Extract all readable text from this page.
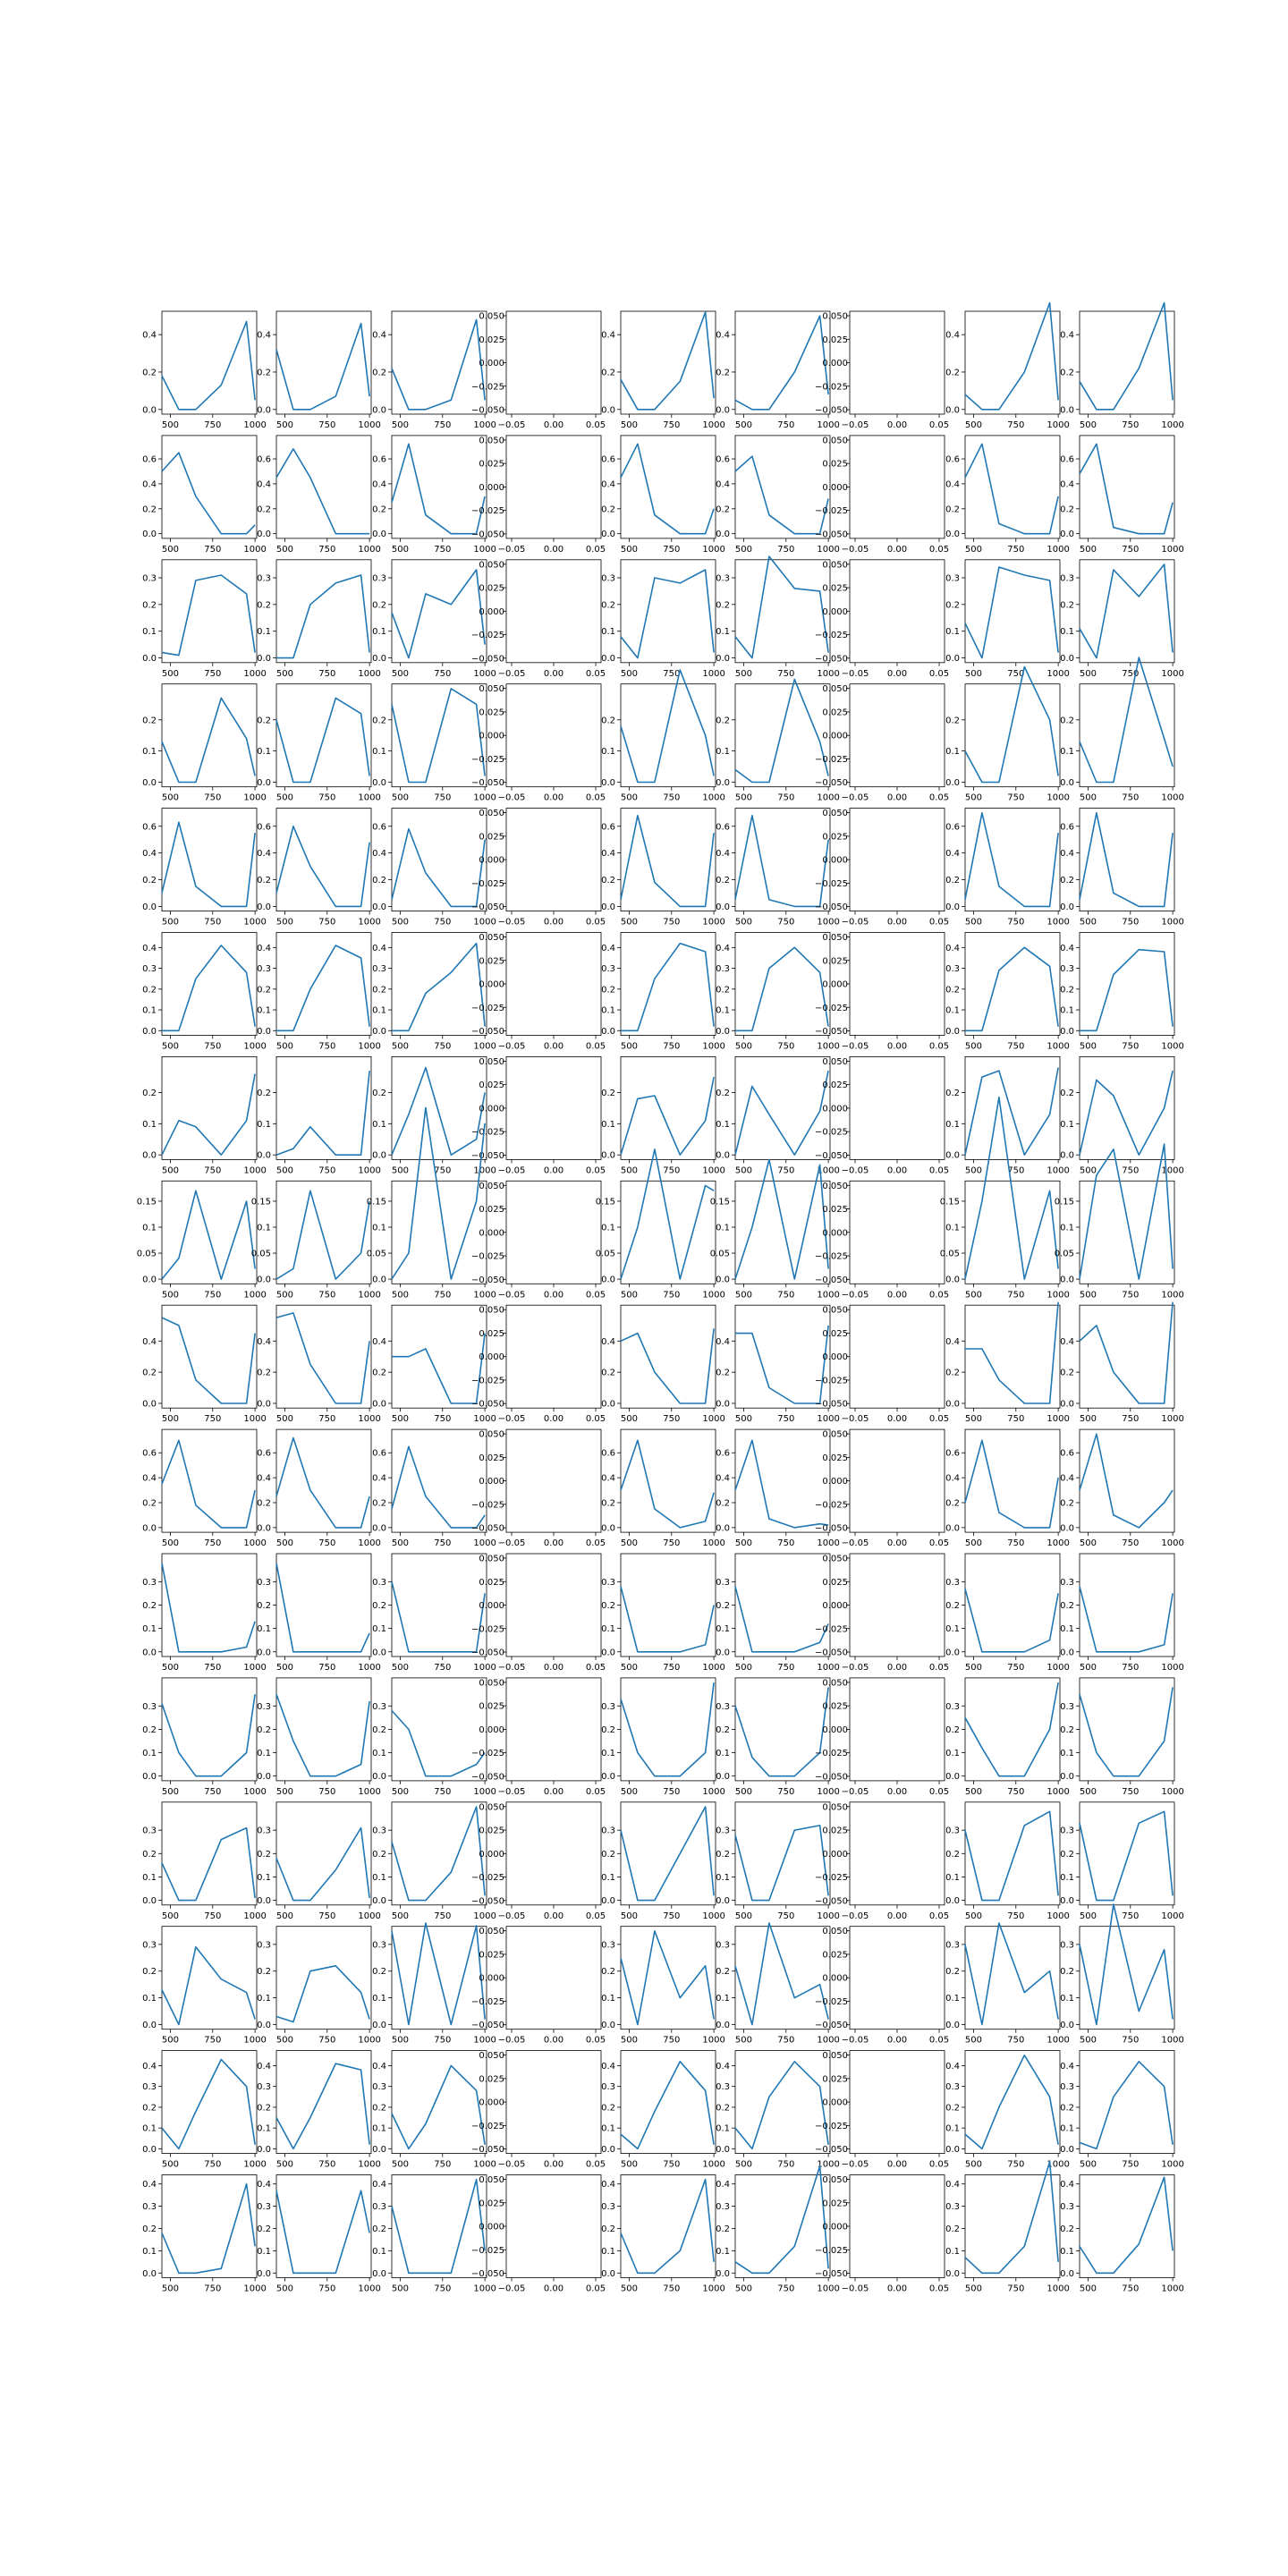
500	750	1000
0.0
0.2
0.4
500	750	1000
0.0
0.2
0.4
500	750	1000
0.0
0.2
0.4
−0.05 0.00 0.05
0.050
0.025
0.000
−0.025
−0.050
500	750	1000
0.0
0.2
0.4
500	750	1000
0.0
0.2
0.4
−0.05 0.00 0.05
0.050
0.025
0.000
−0.025
−0.050
500	750	1000
0.0
0.2
0.4
500	750	1000
0.0
0.2
0.4
500	750	1000
0.0
0.2
0.4
0.6
500	750	1000
0.0
0.2
0.4
0.6
500	750	1000
0.0
0.2
0.4
0.6
−0.05 0.00 0.05
0.050
0.025
0.000
−0.025
−0.050
500	750	1000
0.0
0.2
0.4
0.6
500	750	1000
0.0
0.2
0.4
0.6
−0.05 0.00 0.05
0.050
0.025
0.000
−0.025
−0.050
500	750	1000
0.0
0.2
0.4
0.6
500	750	1000
0.0
0.2
0.4
0.6
500	750	1000
0.0
0.1
0.2
0.3
500	750	1000
0.0
0.1
0.2
0.3
500	750	1000
0.0
0.1
0.2
0.3
−0.05 0.00 0.05
0.050
0.025
0.000
−0.025
−0.050
500	750	1000
0.0
0.1
0.2
0.3
500	750	1000
0.0
0.1
0.2
0.3
−0.05 0.00 0.05
0.050
0.025
0.000
−0.025
−0.050
500	750	1000
0.0
0.1
0.2
0.3
500	750	1000
0.0
0.1
0.2
0.3
500	750	1000
0.0
0.1
0.2
500	750	1000
0.0
0.1
0.2
500	750	1000
0.0
0.1
0.2
−0.05 0.00 0.05
0.050
0.025
0.000
−0.025
−0.050
500	750	1000
0.0
0.1
0.2
500	750	1000
0.0
0.1
0.2
−0.05 0.00 0.05
0.050
0.025
0.000
−0.025
−0.050
500	750	1000
0.0
0.1
0.2
500	750	1000
0.0
0.1
0.2
500	750	1000
0.0
0.2
0.4
0.6
500	750	1000
0.0
0.2
0.4
0.6
500	750	1000
0.0
0.2
0.4
0.6
−0.05 0.00 0.05
0.050
0.025
0.000
−0.025
−0.050
500	750	1000
0.0
0.2
0.4
0.6
500	750	1000
0.0
0.2
0.4
0.6
−0.05 0.00 0.05
0.050
0.025
0.000
−0.025
−0.050
500	750	1000
0.0
0.2
0.4
0.6
500	750	1000
0.0
0.2
0.4
0.6
500	750	1000
0.0
0.1
0.2
0.3
0.4
500	750	1000
0.0
0.1
0.2
0.3
0.4
500	750	1000
0.0
0.1
0.2
0.3
0.4
−0.05 0.00 0.05
0.050
0.025
0.000
−0.025
−0.050
500	750	1000
0.0
0.1
0.2
0.3
0.4
500	750	1000
0.0
0.1
0.2
0.3
0.4
−0.05 0.00 0.05
0.050
0.025
0.000
−0.025
−0.050
500	750	1000
0.0
0.1
0.2
0.3
0.4
500	750	1000
0.0
0.1
0.2
0.3
0.4
500	750	1000
0.0
0.1
0.2
500	750	1000
0.0
0.1
0.2
500	750	1000
0.0
0.1
0.2
−0.05 0.00 0.05
0.050
0.025
0.000
−0.025
−0.050
500	750	1000
0.0
0.1
0.2
500	750	1000
0.0
0.1
0.2
−0.05 0.00 0.05
0.050
0.025
0.000
−0.025
−0.050
500	750	1000
0.0
0.1
0.2
500	750	1000
0.0
0.1
0.2
500	750	1000
0.0
0.05
0.1
0.15
500	750	1000
0.0
0.05
0.1
0.15
500	750	1000
0.0
0.05
0.1
0.15
−0.05 0.00 0.05
0.050
0.025
0.000
−0.025
−0.050
500	750	1000
0.0
0.05
0.1
0.15
500	750	1000
0.0
0.05
0.1
0.15
−0.05 0.00 0.05
0.050
0.025
0.000
−0.025
−0.050
500	750	1000
0.0
0.05
0.1
0.15
500	750	1000
0.0
0.05
0.1
0.15
500	750	1000
0.0
0.2
0.4
500	750	1000
0.0
0.2
0.4
500	750	1000
0.0
0.2
0.4
−0.05 0.00 0.05
0.050
0.025
0.000
−0.025
−0.050
500	750	1000
0.0
0.2
0.4
500	750	1000
0.0
0.2
0.4
−0.05 0.00 0.05
0.050
0.025
0.000
−0.025
−0.050
500	750	1000
0.0
0.2
0.4
500	750	1000
0.0
0.2
0.4
500	750	1000
0.0
0.2
0.4
0.6
500	750	1000
0.0
0.2
0.4
0.6
500	750	1000
0.0
0.2
0.4
0.6
−0.05 0.00 0.05
0.050
0.025
0.000
−0.025
−0.050
500	750	1000
0.0
0.2
0.4
0.6
500	750	1000
0.0
0.2
0.4
0.6
−0.05 0.00 0.05
0.050
0.025
0.000
−0.025
−0.050
500	750	1000
0.0
0.2
0.4
0.6
500	750	1000
0.0
0.2
0.4
0.6
500	750	1000
0.0
0.1
0.2
0.3
500	750	1000
0.0
0.1
0.2
0.3
500	750	1000
0.0
0.1
0.2
0.3
−0.05 0.00 0.05
0.050
0.025
0.000
−0.025
−0.050
500	750	1000
0.0
0.1
0.2
0.3
500	750	1000
0.0
0.1
0.2
0.3
−0.05 0.00 0.05
0.050
0.025
0.000
−0.025
−0.050
500	750	1000
0.0
0.1
0.2
0.3
500	750	1000
0.0
0.1
0.2
0.3
500	750	1000
0.0
0.1
0.2
0.3
500	750	1000
0.0
0.1
0.2
0.3
500	750	1000
0.0
0.1
0.2
0.3
−0.05 0.00 0.05
0.050
0.025
0.000
−0.025
−0.050
500	750	1000
0.0
0.1
0.2
0.3
500	750	1000
0.0
0.1
0.2
0.3
−0.05 0.00 0.05
0.050
0.025
0.000
−0.025
−0.050
500	750	1000
0.0
0.1
0.2
0.3
500	750	1000
0.0
0.1
0.2
0.3
500	750	1000
0.0
0.1
0.2
0.3
500	750	1000
0.0
0.1
0.2
0.3
500	750	1000
0.0
0.1
0.2
0.3
−0.05 0.00 0.05
0.050
0.025
0.000
−0.025
−0.050
500	750	1000
0.0
0.1
0.2
0.3
500	750	1000
0.0
0.1
0.2
0.3
−0.05 0.00 0.05
0.050
0.025
0.000
−0.025
−0.050
500	750	1000
0.0
0.1
0.2
0.3
500	750	1000
0.0
0.1
0.2
0.3
500	750	1000
0.0
0.1
0.2
0.3
500	750	1000
0.0
0.1
0.2
0.3
500	750	1000
0.0
0.1
0.2
0.3
−0.05 0.00 0.05
0.050
0.025
0.000
−0.025
−0.050
500	750	1000
0.0
0.1
0.2
0.3
500	750	1000
0.0
0.1
0.2
0.3
−0.05 0.00 0.05
0.050
0.025
0.000
−0.025
−0.050
500	750	1000
0.0
0.1
0.2
0.3
500	750	1000
0.0
0.1
0.2
0.3
500	750	1000
0.0
0.1
0.2
0.3
0.4
500	750	1000
0.0
0.1
0.2
0.3
0.4
500	750	1000
0.0
0.1
0.2
0.3
0.4
−0.05 0.00 0.05
0.050
0.025
0.000
−0.025
−0.050
500	750	1000
0.0
0.1
0.2
0.3
0.4
500	750	1000
0.0
0.1
0.2
0.3
0.4
−0.05 0.00 0.05
0.050
0.025
0.000
−0.025
−0.050
500	750	1000
0.0
0.1
0.2
0.3
0.4
500	750	1000
0.0
0.1
0.2
0.3
0.4
500	750	1000
0.0
0.1
0.2
0.3
0.4
500	750	1000
0.0
0.1
0.2
0.3
0.4
500	750	1000
0.0
0.1
0.2
0.3
0.4
−0.05 0.00 0.05
0.050
0.025
0.000
−0.025
−0.050
500	750	1000
0.0
0.1
0.2
0.3
0.4
500	750	1000
0.0
0.1
0.2
0.3
0.4
−0.05 0.00 0.05
0.050
0.025
0.000
−0.025
−0.050
500	750	1000
0.0
0.1
0.2
0.3
0.4
500	750	1000
0.0
0.1
0.2
0.3
0.4
